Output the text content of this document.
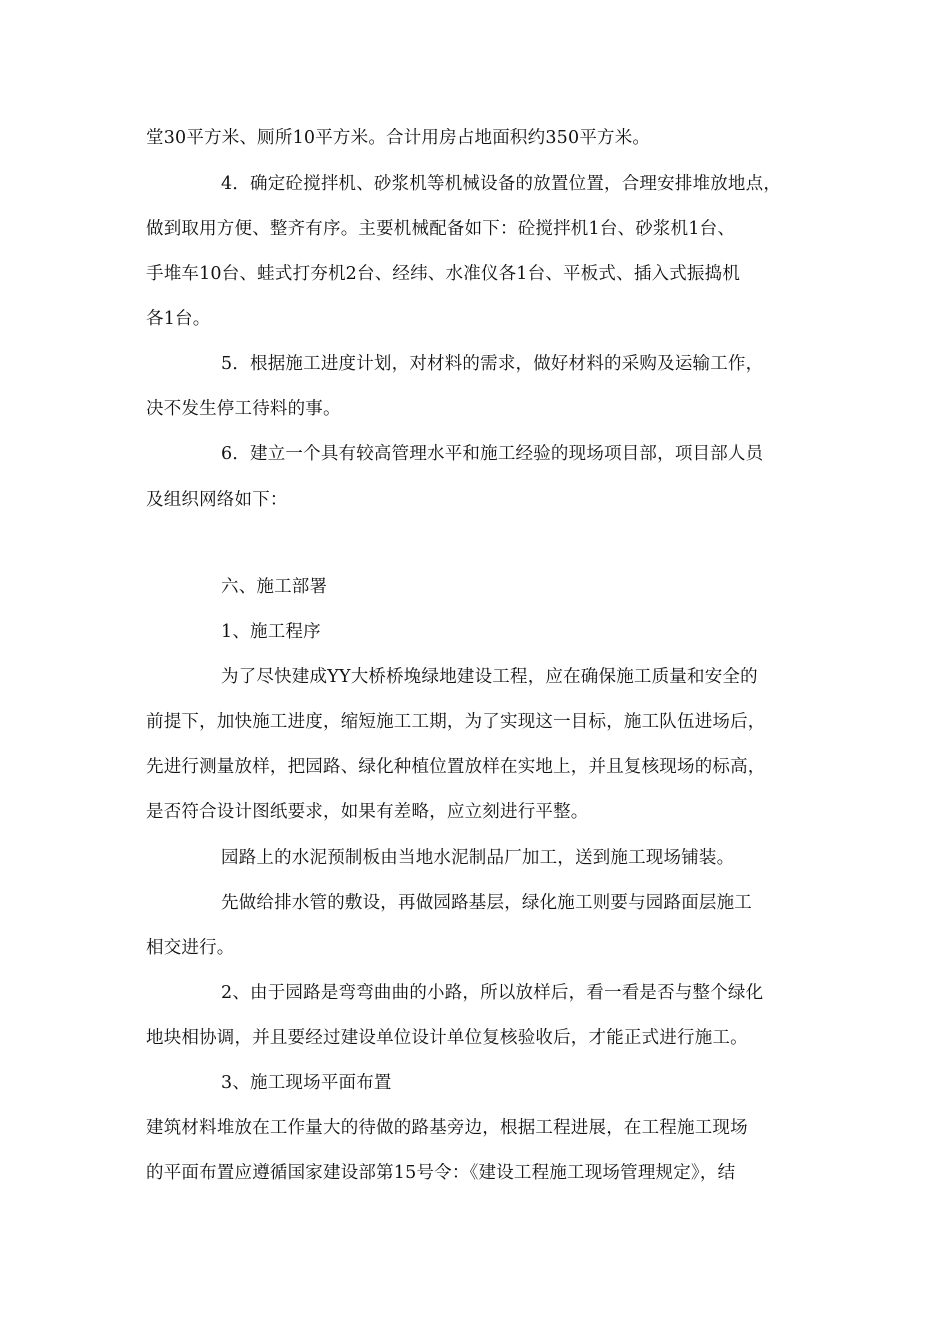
堂30平方米、厕所10平方米。合计用房占地面积约350平方米。
4．确定砼搅拌机、砂浆机等机械设备的放置位置，合理安排堆放地点，
做到取用方便、整齐有序。主要机械配备如下：砼搅拌机1台、砂浆机1台、
手堆车10台、蛙式打夯机2台、经纬、水准仪各1台、平板式、插入式振捣机
各1台。
5．根据施工进度计划，对材料的需求，做好材料的采购及运输工作，
决不发生停工待料的事。
6．建立一个具有较高管理水平和施工经验的现场项目部，项目部人员
及组织网络如下：
六、施工部署
1、施工程序
为了尽快建成YY大桥桥堍绿地建设工程，应在确保施工质量和安全的
前提下，加快施工进度，缩短施工工期，为了实现这一目标，施工队伍进场后，
先进行测量放样，把园路、绿化种植位置放样在实地上，并且复核现场的标高，
是否符合设计图纸要求，如果有差略，应立刻进行平整。
园路上的水泥预制板由当地水泥制品厂加工，送到施工现场铺装。
先做给排水管的敷设，再做园路基层，绿化施工则要与园路面层施工
相交进行。
2、由于园路是弯弯曲曲的小路，所以放样后，看一看是否与整个绿化
地块相协调，并且要经过建设单位设计单位复核验收后，才能正式进行施工。
3、施工现场平面布置
建筑材料堆放在工作量大的待做的路基旁边，根据工程进展，在工程施工现场
的平面布置应遵循国家建设部第15号令：《建设工程施工现场管理规定》，结
